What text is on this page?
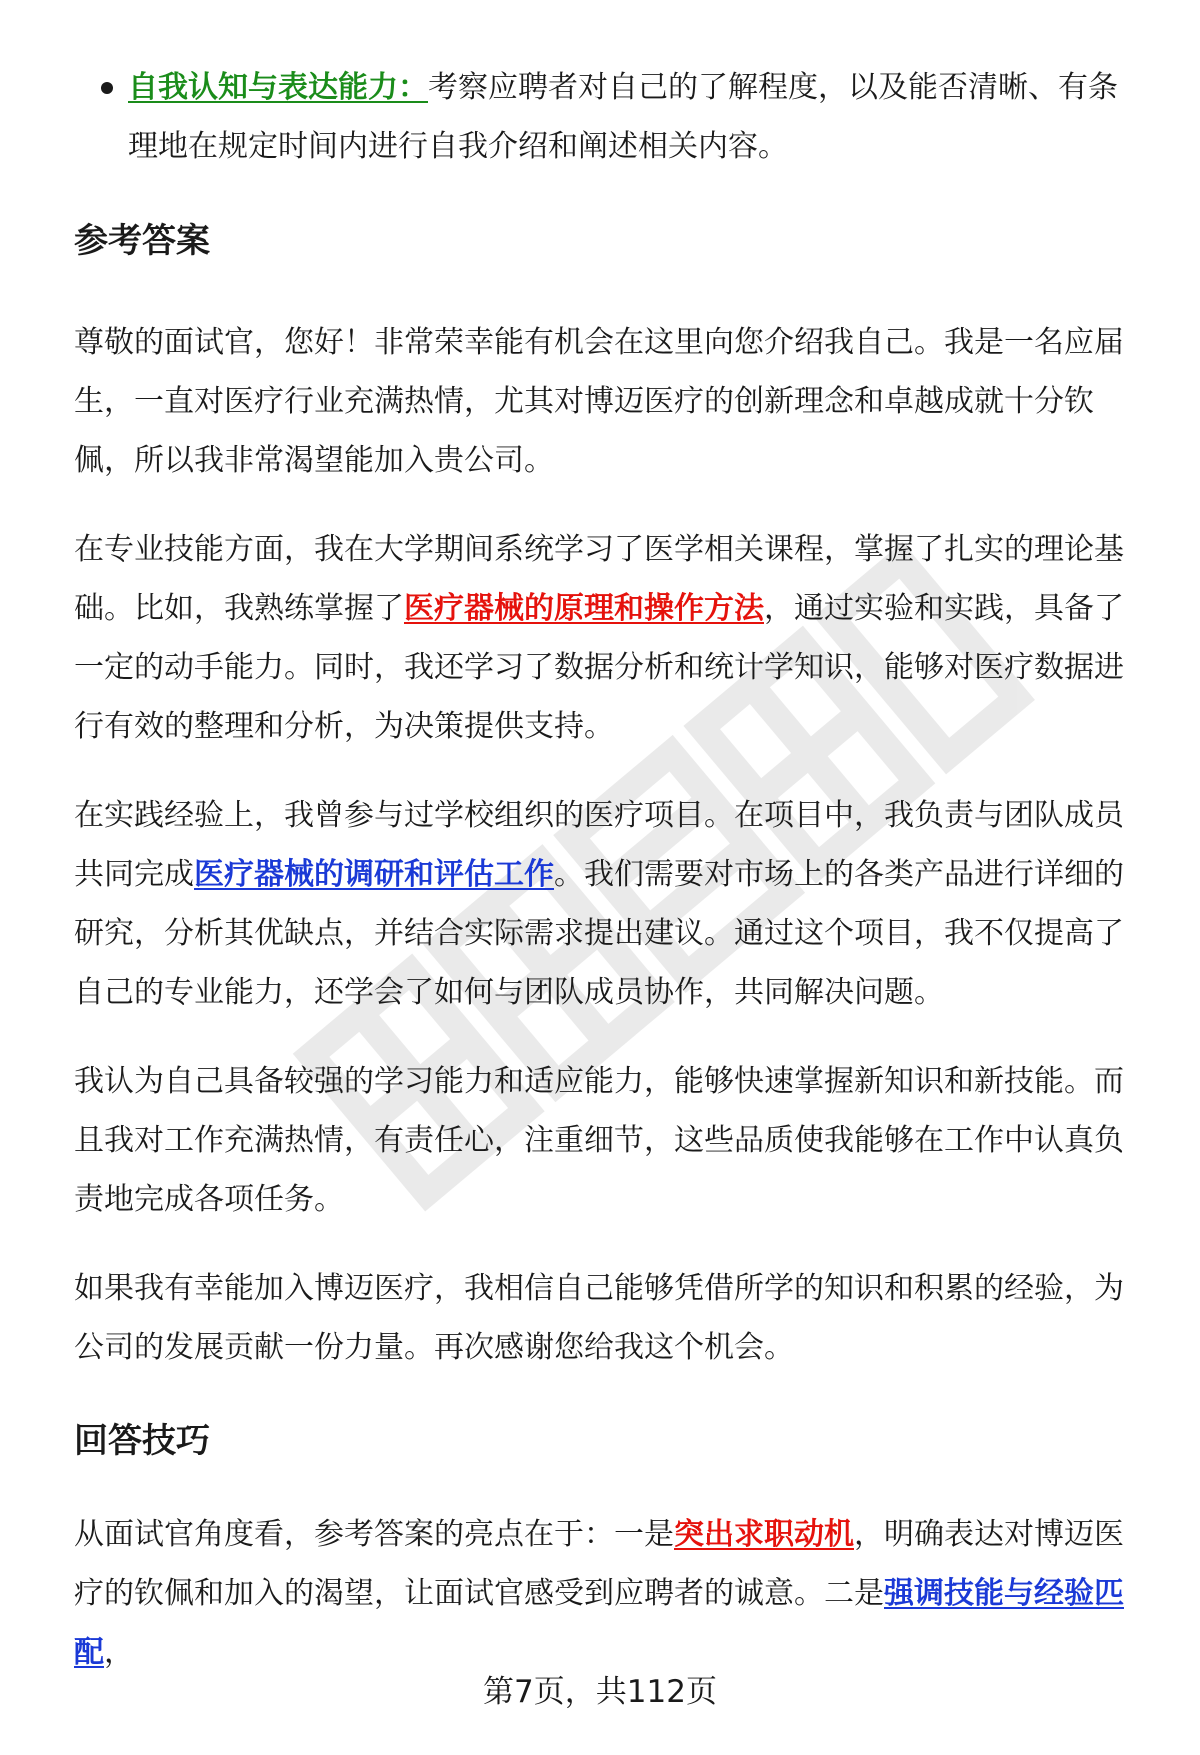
自我认知与表达能力：考察应聘者对自己的了解程度，以及能否清晰、有条理地在规定时间内进行自我介绍和阐述相关内容。
参考答案

尊敬的面试官，您好！非常荣幸能有机会在这里向您介绍我自己。我是一名应届生，一直对医疗行业充满热情，尤其对博迈医疗的创新理念和卓越成就十分钦佩，所以我非常渴望能加入贵公司。

在专业技能方面，我在大学期间系统学习了医学相关课程，掌握了扎实的理论基础。比如，我熟练掌握了医疗器械的原理和操作方法，通过实验和实践，具备了一定的动手能力。同时，我还学习了数据分析和统计学知识，能够对医疗数据进行有效的整理和分析，为决策提供支持。

在实践经验上，我曾参与过学校组织的医疗项目。在项目中，我负责与团队成员共同完成医疗器械的调研和评估工作。我们需要对市场上的各类产品进行详细的研究，分析其优缺点，并结合实际需求提出建议。通过这个项目，我不仅提高了自己的专业能力，还学会了如何与团队成员协作，共同解决问题。

我认为自己具备较强的学习能力和适应能力，能够快速掌握新知识和新技能。而且我对工作充满热情，有责任心，注重细节，这些品质使我能够在工作中认真负责地完成各项任务。

如果我有幸能加入博迈医疗，我相信自己能够凭借所学的知识和积累的经验，为公司的发展贡献一份力量。再次感谢您给我这个机会。

回答技巧

从面试官角度看，参考答案的亮点在于：一是突出求职动机，明确表达对博迈医疗的钦佩和加入的渴望，让面试官感受到应聘者的诚意。二是强调技能与经验匹配，

第7页，共112页
